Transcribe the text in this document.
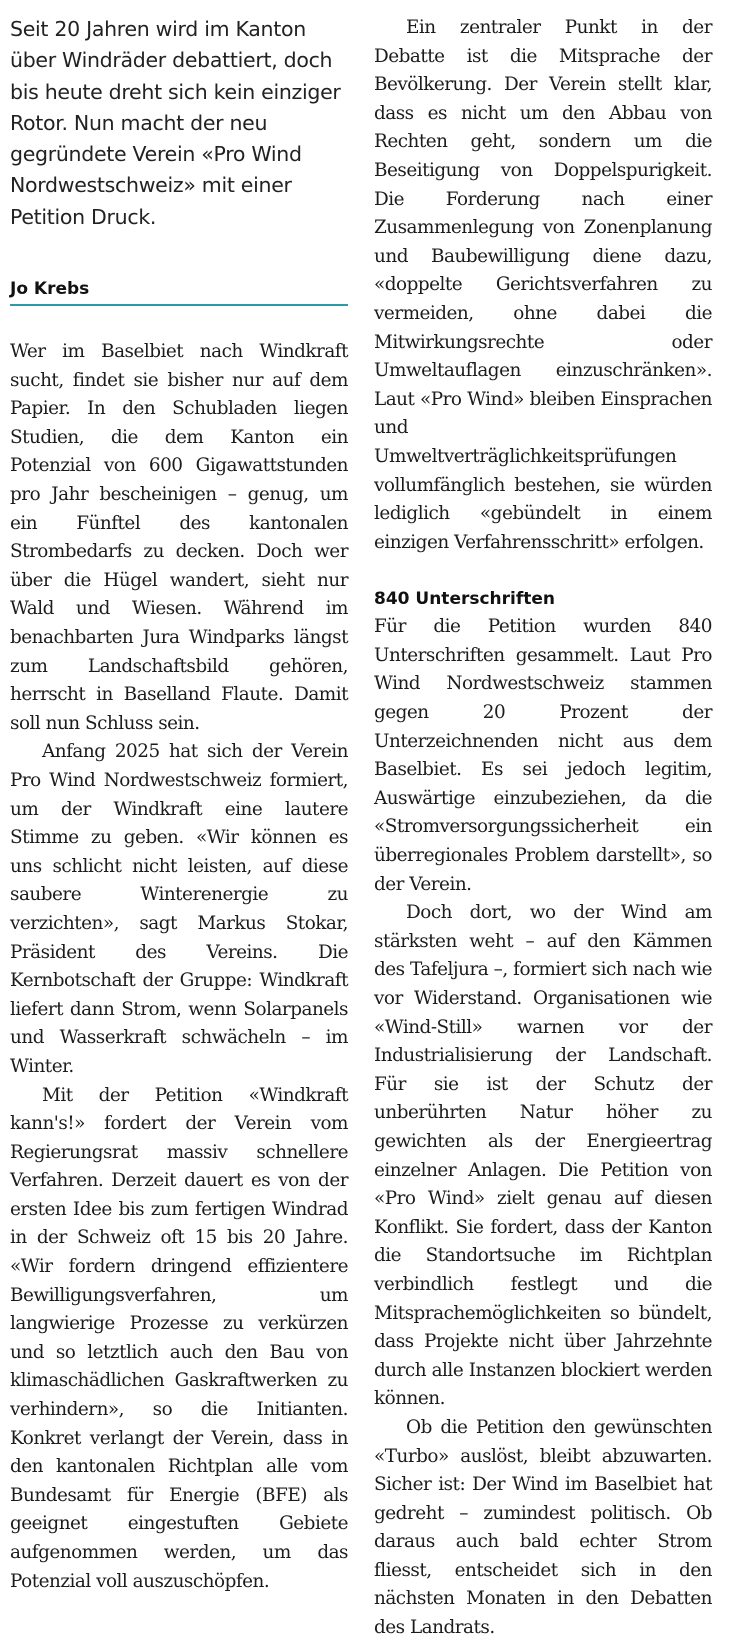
Seit 20 Jahren wird im Kanton über Windräder debattiert, doch bis heute dreht sich kein einziger Rotor. Nun macht der neu gegründete Verein «Pro Wind Nordwestschweiz» mit einer Petition Druck.

Jo Krebs

Wer im Baselbiet nach Windkraft sucht, findet sie bisher nur auf dem Papier. In den Schubladen liegen Studien, die dem Kanton ein Potenzial von 600 Gigawattstunden pro Jahr bescheinigen – genug, um ein Fünftel des kantonalen Strombedarfs zu decken. Doch wer über die Hügel wandert, sieht nur Wald und Wiesen. Während im benachbarten Jura Windparks längst zum Landschaftsbild gehören, herrscht in Baselland Flaute. Damit soll nun Schluss sein.

Anfang 2025 hat sich der Verein Pro Wind Nordwestschweiz formiert, um der Windkraft eine lautere Stimme zu geben. «Wir können es uns schlicht nicht leisten, auf diese saubere Winterenergie zu verzichten», sagt Markus Stokar, Präsident des Vereins. Die Kernbotschaft der Gruppe: Windkraft liefert dann Strom, wenn Solarpanels und Wasserkraft schwächeln – im Winter.

Mit der Petition «Windkraft kann's!» fordert der Verein vom Regierungsrat massiv schnellere Verfahren. Derzeit dauert es von der ersten Idee bis zum fertigen Windrad in der Schweiz oft 15 bis 20 Jahre. «Wir fordern dringend effizientere Bewilligungsverfahren, um langwierige Prozesse zu verkürzen und so letztlich auch den Bau von klimaschädlichen Gaskraftwerken zu verhindern», so die Initianten. Konkret verlangt der Verein, dass in den kantonalen Richtplan alle vom Bundesamt für Energie (BFE) als geeignet eingestuften Gebiete aufgenommen werden, um das Potenzial voll auszuschöpfen.

Ein zentraler Punkt in der Debatte ist die Mitsprache der Bevölkerung. Der Verein stellt klar, dass es nicht um den Abbau von Rechten geht, sondern um die Beseitigung von Doppelspurigkeit. Die Forderung nach einer Zusammenlegung von Zonenplanung und Baubewilligung diene dazu, «doppelte Gerichtsverfahren zu vermeiden, ohne dabei die Mitwirkungsrechte oder Umweltauflagen einzuschränken». Laut «Pro Wind» bleiben Einsprachen und Umweltverträglichkeitsprüfungen vollumfänglich bestehen, sie würden lediglich «gebündelt in einem einzigen Verfahrensschritt» erfolgen.

840 Unterschriften

Für die Petition wurden 840 Unterschriften gesammelt. Laut Pro Wind Nordwestschweiz stammen gegen 20 Prozent der Unterzeichnenden nicht aus dem Baselbiet. Es sei jedoch legitim, Auswärtige einzubeziehen, da die «Stromversorgungssicherheit ein überregionales Problem darstellt», so der Verein.

Doch dort, wo der Wind am stärksten weht – auf den Kämmen des Tafeljura –, formiert sich nach wie vor Widerstand. Organisationen wie «Wind-Still» warnen vor der Industrialisierung der Landschaft. Für sie ist der Schutz der unberührten Natur höher zu gewichten als der Energieertrag einzelner Anlagen. Die Petition von «Pro Wind» zielt genau auf diesen Konflikt. Sie fordert, dass der Kanton die Standortsuche im Richtplan verbindlich festlegt und die Mitsprachemöglichkeiten so bündelt, dass Projekte nicht über Jahrzehnte durch alle Instanzen blockiert werden können.

Ob die Petition den gewünschten «Turbo» auslöst, bleibt abzuwarten. Sicher ist: Der Wind im Baselbiet hat gedreht – zumindest politisch. Ob daraus auch bald echter Strom fliesst, entscheidet sich in den nächsten Monaten in den Debatten des Landrats.
